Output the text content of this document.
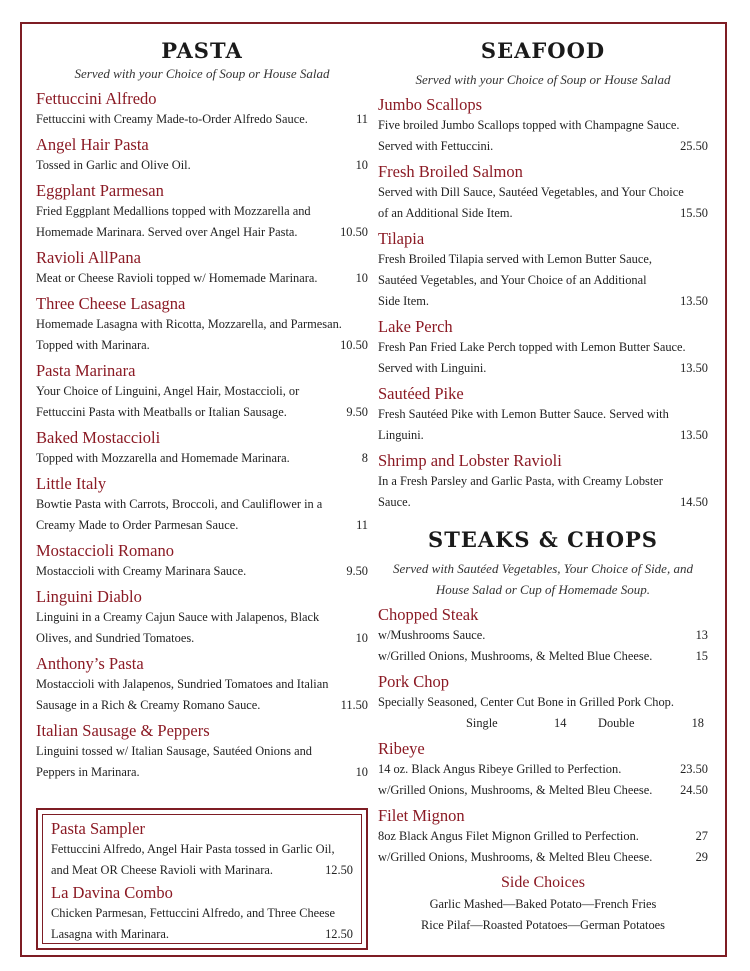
PASTA
Served with your Choice of Soup or House Salad
Fettuccini Alfredo
Fettuccini with Creamy Made-to-Order Alfredo Sauce.	11
Angel Hair Pasta
Tossed in Garlic and Olive Oil.	10
Eggplant Parmesan
Fried Eggplant Medallions topped with Mozzarella and
Homemade Marinara. Served over Angel Hair Pasta.	10.50
Ravioli AllPana
Meat or Cheese Ravioli topped w/ Homemade Marinara.	10
Three Cheese Lasagna
Homemade Lasagna with Ricotta, Mozzarella, and Parmesan.
Topped with Marinara.	10.50
Pasta Marinara
Your Choice of Linguini, Angel Hair, Mostaccioli, or
Fettuccini Pasta with Meatballs or Italian Sausage.	9.50
Baked Mostaccioli
Topped with Mozzarella and Homemade Marinara.	8
Little Italy
Bowtie Pasta with Carrots, Broccoli, and Cauliflower in a
Creamy Made to Order Parmesan Sauce.	11
Mostaccioli Romano
Mostaccioli with Creamy Marinara Sauce.	9.50
Linguini Diablo
Linguini in a Creamy Cajun Sauce with Jalapenos, Black
Olives, and Sundried Tomatoes.	10
Anthony’s Pasta
Mostaccioli with Jalapenos, Sundried Tomatoes and Italian
Sausage in a Rich & Creamy Romano Sauce.	11.50
Italian Sausage & Peppers
Linguini tossed w/ Italian Sausage, Sautéed Onions and
Peppers in Marinara.	10
Pasta Sampler
Fettuccini Alfredo, Angel Hair Pasta tossed in Garlic Oil,
and Meat OR Cheese Ravioli with Marinara.	12.50
La Davina Combo
Chicken Parmesan, Fettuccini Alfredo, and Three Cheese
Lasagna with Marinara.	12.50
SEAFOOD
Served with your Choice of Soup or House Salad
Jumbo Scallops
Five broiled Jumbo Scallops topped with Champagne Sauce.
Served with Fettuccini.	25.50
Fresh Broiled Salmon
Served with Dill Sauce, Sautéed Vegetables, and Your Choice
of an Additional Side Item.	15.50
Tilapia
Fresh Broiled Tilapia served with Lemon Butter Sauce,
Sautéed Vegetables, and Your Choice of an Additional
Side Item.	13.50
Lake Perch
Fresh Pan Fried Lake Perch topped with Lemon Butter Sauce.
Served with Linguini.	13.50
Sautéed Pike
Fresh Sautéed Pike with Lemon Butter Sauce. Served with
Linguini.	13.50
Shrimp and Lobster Ravioli
In a Fresh Parsley and Garlic Pasta, with Creamy Lobster
Sauce.	14.50
STEAKS & CHOPS
Served with Sautéed Vegetables, Your Choice of Side, and
House Salad or Cup of Homemade Soup.
Chopped Steak
w/Mushrooms Sauce.	13
w/Grilled Onions, Mushrooms, & Melted Blue Cheese.	15
Pork Chop
Specially Seasoned, Center Cut Bone in Grilled Pork Chop.
Single	14	Double	18
Ribeye
14 oz. Black Angus Ribeye Grilled to Perfection.	23.50
w/Grilled Onions, Mushrooms, & Melted Bleu Cheese. 24.50
Filet Mignon
8oz Black Angus Filet Mignon Grilled to Perfection.	27
w/Grilled Onions, Mushrooms, & Melted Bleu Cheese.	29
Side Choices
Garlic Mashed—Baked Potato—French Fries
Rice Pilaf—Roasted Potatoes—German Potatoes
